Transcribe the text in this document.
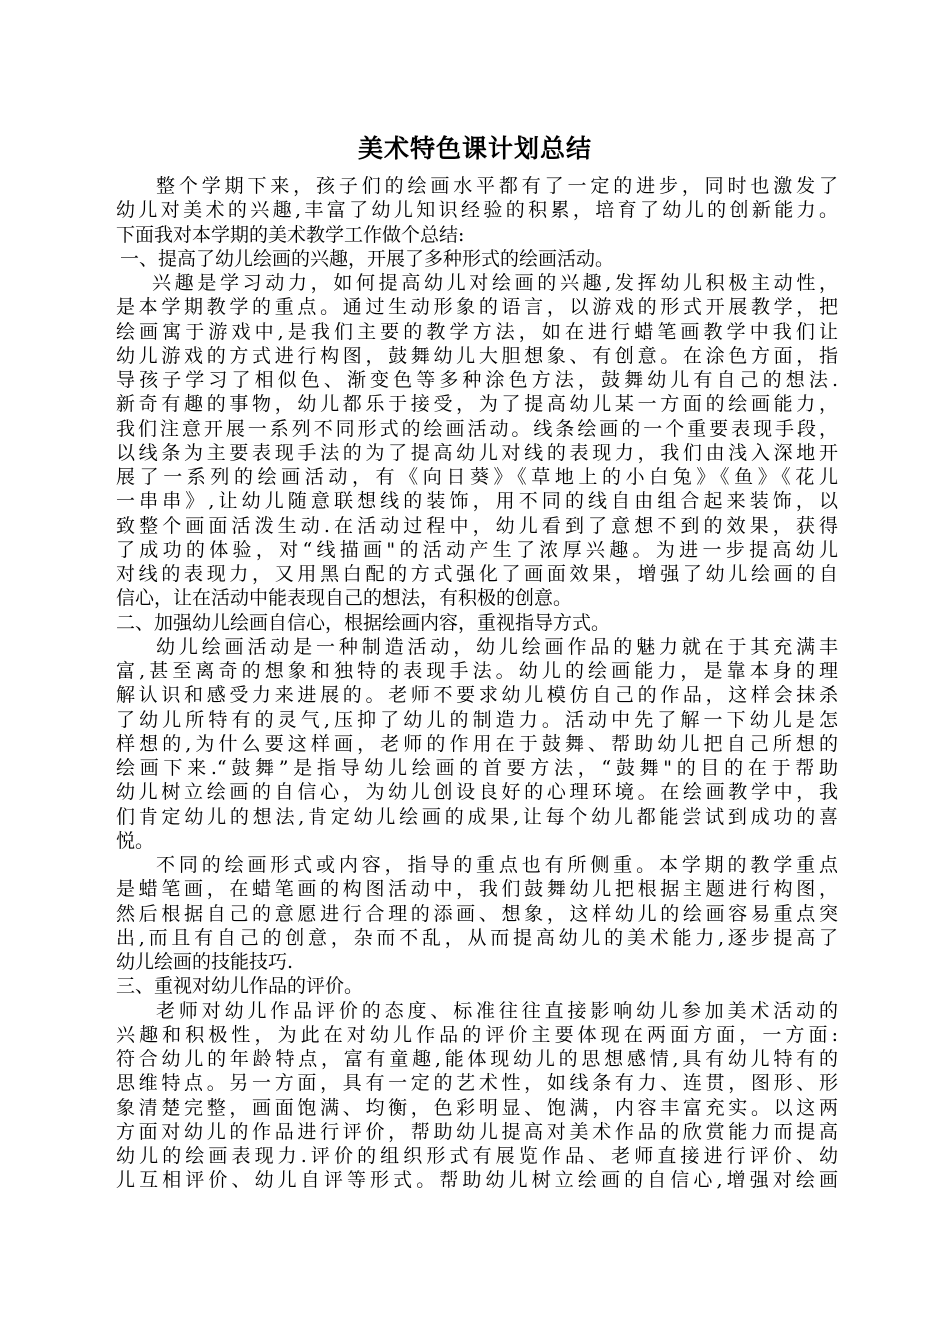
美术特色课计划总结
整个学期下来，孩子们的绘画水平都有了一定的进步，同时也激发了
幼儿对美术的兴趣,丰富了幼儿知识经验的积累，培育了幼儿的创新能力。
下面我对本学期的美术教学工作做个总结:
一、提高了幼儿绘画的兴趣，开展了多种形式的绘画活动。
兴趣是学习动力，如何提高幼儿对绘画的兴趣,发挥幼儿积极主动性，
是本学期教学的重点。通过生动形象的语言，以游戏的形式开展教学，把
绘画寓于游戏中,是我们主要的教学方法，如在进行蜡笔画教学中我们让
幼儿游戏的方式进行构图，鼓舞幼儿大胆想象、有创意。在涂色方面，指
导孩子学习了相似色、渐变色等多种涂色方法，鼓舞幼儿有自己的想法.
新奇有趣的事物，幼儿都乐于接受，为了提高幼儿某一方面的绘画能力，
我们注意开展一系列不同形式的绘画活动。线条绘画的一个重要表现手段，
以线条为主要表现手法的为了提高幼儿对线的表现力，我们由浅入深地开
展了一系列的绘画活动，有《向日葵》《草地上的小白兔》《鱼》《花儿
一串串》,让幼儿随意联想线的装饰，用不同的线自由组合起来装饰，以
致整个画面活泼生动.在活动过程中，幼儿看到了意想不到的效果，获得
了成功的体验，对“线描画"的活动产生了浓厚兴趣。为进一步提高幼儿
对线的表现力，又用黑白配的方式强化了画面效果，增强了幼儿绘画的自
信心，让在活动中能表现自己的想法，有积极的创意。
二、加强幼儿绘画自信心，根据绘画内容，重视指导方式。
幼儿绘画活动是一种制造活动，幼儿绘画作品的魅力就在于其充满丰
富,甚至离奇的想象和独特的表现手法。幼儿的绘画能力，是靠本身的理
解认识和感受力来进展的。老师不要求幼儿模仿自己的作品，这样会抹杀
了幼儿所特有的灵气,压抑了幼儿的制造力。活动中先了解一下幼儿是怎
样想的,为什么要这样画，老师的作用在于鼓舞、帮助幼儿把自己所想的
绘画下来.“鼓舞”是指导幼儿绘画的首要方法，“鼓舞"的目的在于帮助
幼儿树立绘画的自信心，为幼儿创设良好的心理环境。在绘画教学中，我
们肯定幼儿的想法,肯定幼儿绘画的成果,让每个幼儿都能尝试到成功的喜
悦。
不同的绘画形式或内容，指导的重点也有所侧重。本学期的教学重点
是蜡笔画，在蜡笔画的构图活动中，我们鼓舞幼儿把根据主题进行构图，
然后根据自己的意愿进行合理的添画、想象，这样幼儿的绘画容易重点突
出,而且有自己的创意，杂而不乱，从而提高幼儿的美术能力,逐步提高了
幼儿绘画的技能技巧.
三、重视对幼儿作品的评价。
老师对幼儿作品评价的态度、标准往往直接影响幼儿参加美术活动的
兴趣和积极性，为此在对幼儿作品的评价主要体现在两面方面，一方面:
符合幼儿的年龄特点，富有童趣,能体现幼儿的思想感情,具有幼儿特有的
思维特点。另一方面，具有一定的艺术性，如线条有力、连贯，图形、形
象清楚完整，画面饱满、均衡，色彩明显、饱满，内容丰富充实。以这两
方面对幼儿的作品进行评价，帮助幼儿提高对美术作品的欣赏能力而提高
幼儿的绘画表现力.评价的组织形式有展览作品、老师直接进行评价、幼
儿互相评价、幼儿自评等形式。帮助幼儿树立绘画的自信心,增强对绘画
